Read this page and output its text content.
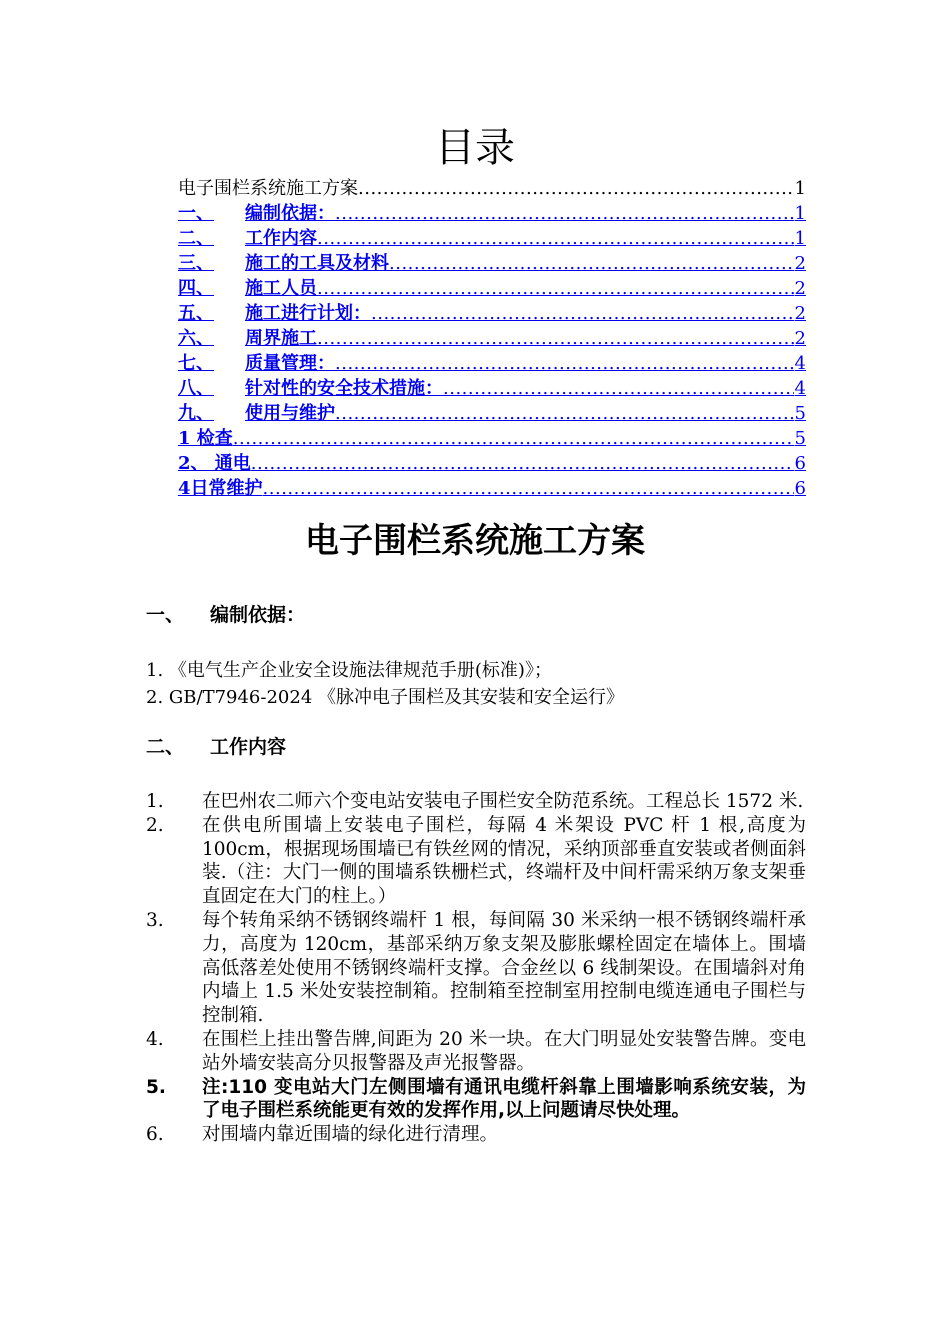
目录
电子围栏系统施工方案 .....	1
一、	编制依据： .....	1
二、	工作内容 .....	1
三、	施工的工具及材料 .....	2
四、	施工人员 .....	2
五、	施工进行计划： .....	2
六、	周界施工 .....	2
七、	质量管理： .....	4
八、	针对性的安全技术措施： .....	4
九、	使用与维护 .....	5
1 检查 .....	5
2、 通电 .....	6
4日常维护 .....	6
电子围栏系统施工方案
一、 编制依据：
1. 《电气生产企业安全设施法律规范手册(标准)》；
2. GB/T7946-2024 《脉冲电子围栏及其安装和安全运行》
二、 工作内容
1.	在巴州农二师六个变电站安装电子围栏安全防范系统。工程总长 1572 米.
2.	在供电所围墙上安装电子围栏，每隔 4 米架设 PVC 杆 1 根,高度为 100cm，根据现场围墙已有铁丝网的情况，采纳顶部垂直安装或者侧面斜装.（注：大门一侧的围墙系铁栅栏式，终端杆及中间杆需采纳万象支架垂直固定在大门的柱上。）
3.	每个转角采纳不锈钢终端杆 1 根，每间隔 30 米采纳一根不锈钢终端杆承力，高度为 120cm，基部采纳万象支架及膨胀螺栓固定在墙体上。围墙高低落差处使用不锈钢终端杆支撑。合金丝以 6 线制架设。在围墙斜对角内墙上 1.5 米处安装控制箱。控制箱至控制室用控制电缆连通电子围栏与控制箱.
4.	在围栏上挂出警告牌,间距为 20 米一块。在大门明显处安装警告牌。变电站外墙安装高分贝报警器及声光报警器。
5.	注:110 变电站大门左侧围墙有通讯电缆杆斜靠上围墙影响系统安装，为了电子围栏系统能更有效的发挥作用,以上问题请尽快处理。
6.	对围墙内靠近围墙的绿化进行清理。
